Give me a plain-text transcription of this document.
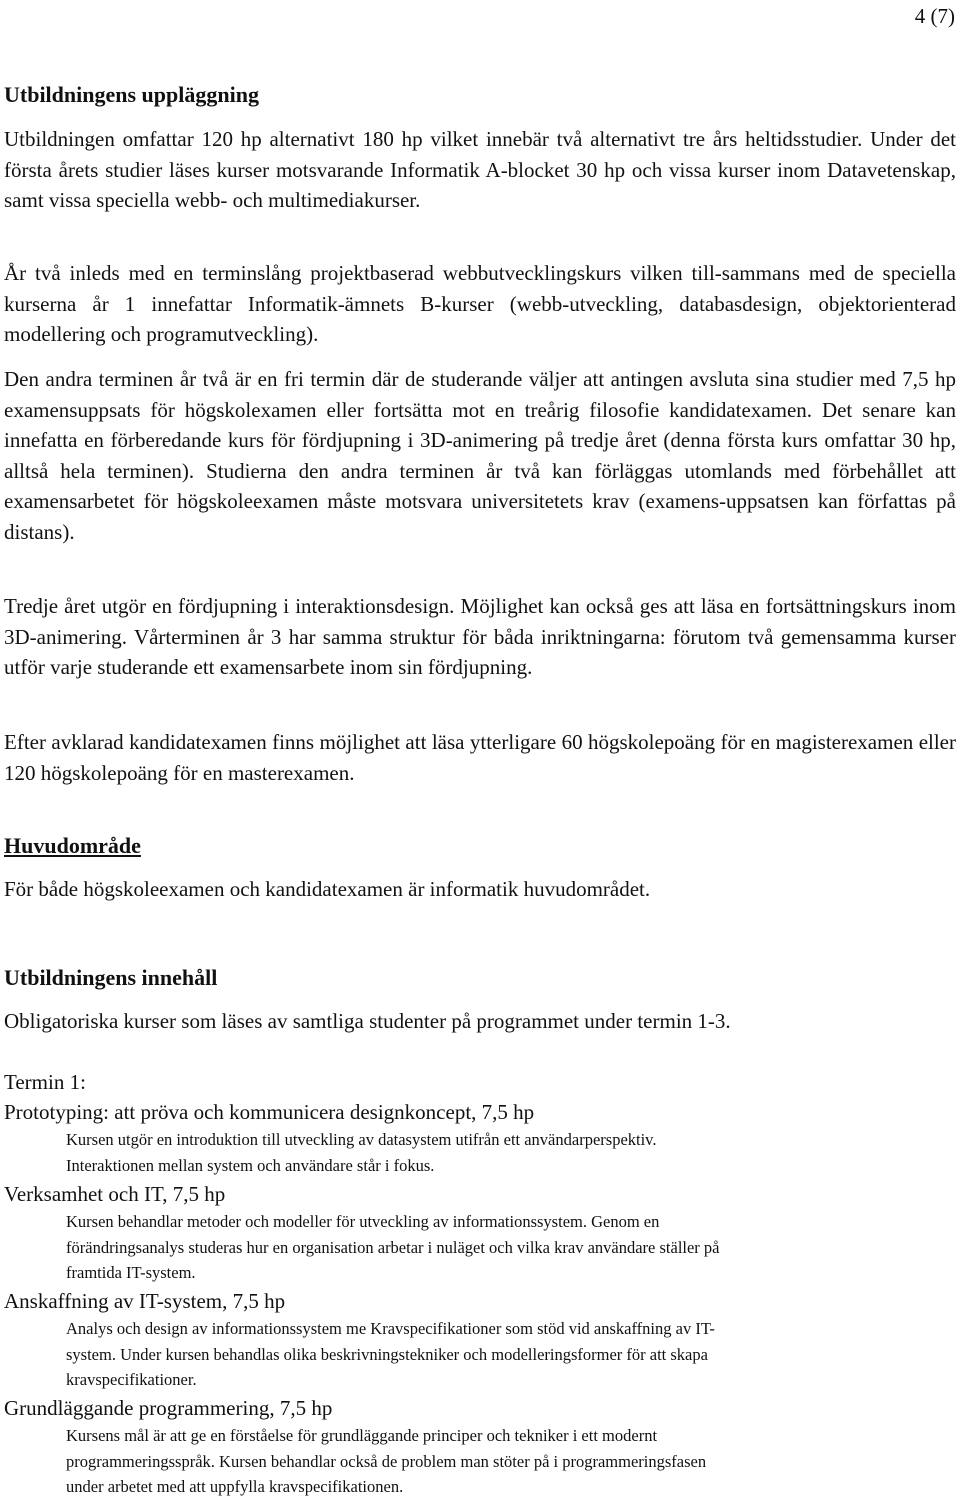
4 (7)
Utbildningens uppläggning

Utbildningen omfattar 120 hp alternativt 180 hp vilket innebär två alternativt tre års heltidsstudier. Under det första årets studier läses kurser motsvarande Informatik A-blocket 30 hp och vissa kurser inom Datavetenskap, samt vissa speciella webb- och multimediakurser.

År två inleds med en terminslång projektbaserad webbutvecklingskurs vilken till-sammans med de speciella kurserna år 1 innefattar Informatik-ämnets B-kurser (webb-utveckling, databasdesign, objektorienterad modellering och programutveckling).

Den andra terminen år två är en fri termin där de studerande väljer att antingen avsluta sina studier med 7,5 hp examensuppsats för högskolexamen eller fortsätta mot en treårig filosofie kandidatexamen. Det senare kan innefatta en förberedande kurs för fördjupning i 3D-animering på tredje året (denna första kurs omfattar 30 hp, alltså hela terminen). Studierna den andra terminen år två kan förläggas utomlands med förbehållet att examensarbetet för högskoleexamen måste motsvara universitetets krav (examens-uppsatsen kan författas på distans).

Tredje året utgör en fördjupning i interaktionsdesign. Möjlighet kan också ges att läsa en fortsättningskurs inom 3D-animering. Vårterminen år 3 har samma struktur för båda inriktningarna: förutom två gemensamma kurser utför varje studerande ett examensarbete inom sin fördjupning.

Efter avklarad kandidatexamen finns möjlighet att läsa ytterligare 60 högskolepoäng för en magisterexamen eller 120 högskolepoäng för en masterexamen.

Huvudområde

För både högskoleexamen och kandidatexamen är informatik huvudområdet.

Utbildningens innehåll

Obligatoriska kurser som läses av samtliga studenter på programmet under termin 1-3.

Termin 1:

Prototyping: att pröva och kommunicera designkoncept, 7,5 hp

Kursen utgör en introduktion till utveckling av datasystem utifrån ett användarperspektiv.
Interaktionen mellan system och användare står i fokus.

Verksamhet och IT, 7,5 hp

Kursen behandlar metoder och modeller för utveckling av informationssystem. Genom en
förändringsanalys studeras hur en organisation arbetar i nuläget och vilka krav användare ställer på
framtida IT-system.

Anskaffning av IT-system, 7,5 hp

Analys och design av informationssystem me Kravspecifikationer som stöd vid anskaffning av IT-
system. Under kursen behandlas olika beskrivningstekniker och modelleringsformer för att skapa
kravspecifikationer.

Grundläggande programmering, 7,5 hp

Kursens mål är att ge en förståelse för grundläggande principer och tekniker i ett modernt
programmeringsspråk. Kursen behandlar också de problem man stöter på i programmeringsfasen
under arbetet med att uppfylla kravspecifikationen.
